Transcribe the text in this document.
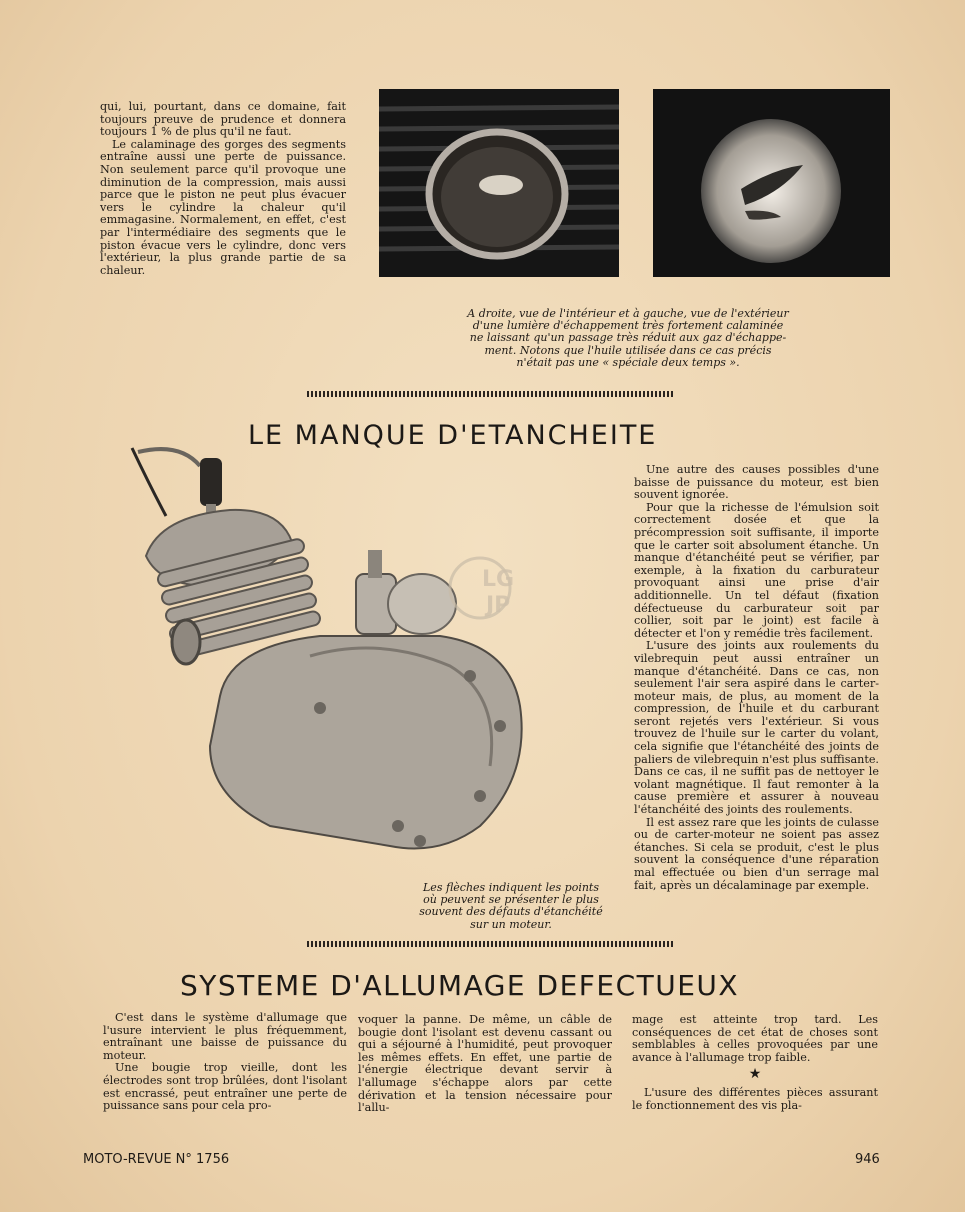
qui, lui, pourtant, dans ce domaine, fait toujours preuve de prudence et donnera toujours 1 % de plus qu'il ne faut.

Le calaminage des gorges des segments entraîne aussi une perte de puissance. Non seulement parce qu'il provoque une diminution de la compression, mais aussi parce que le piston ne peut plus évacuer vers le cylindre la chaleur qu'il emmagasine. Normalement, en effet, c'est par l'intermédiaire des segments que le piston évacue vers le cylindre, donc vers l'extérieur, la plus grande partie de sa chaleur.

A droite, vue de l'intérieur et à gauche, vue de l'extérieur
d'une lumière d'échappement très fortement calaminée
ne laissant qu'un passage très réduit aux gaz d'échappe-
ment. Notons que l'huile utilisée dans ce cas précis
n'était pas une « spéciale deux temps ».
LE MANQUE D'ETANCHEITE
LG
JP
Les flèches indiquent les points
où peuvent se présenter le plus
souvent des défauts d'étanchéité
sur un moteur.

Une autre des causes possibles d'une baisse de puissance du moteur, est bien souvent ignorée.

Pour que la richesse de l'émulsion soit correctement dosée et que la précompression soit suffisante, il importe que le carter soit absolument étanche. Un manque d'étanchéité peut se vérifier, par exemple, à la fixation du carburateur provoquant ainsi une prise d'air additionnelle. Un tel défaut (fixation défectueuse du carburateur soit par collier, soit par le joint) est facile à détecter et l'on y remédie très facilement.

L'usure des joints aux roulements du vilebrequin peut aussi entraîner un manque d'étanchéité. Dans ce cas, non seulement l'air sera aspiré dans le carter-moteur mais, de plus, au moment de la compression, de l'huile et du carburant seront rejetés vers l'extérieur. Si vous trouvez de l'huile sur le carter du volant, cela signifie que l'étanchéité des joints de paliers de vilebrequin n'est plus suffisante. Dans ce cas, il ne suffit pas de nettoyer le volant magnétique. Il faut remonter à la cause première et assurer à nouveau l'étanchéité des joints des roulements.

Il est assez rare que les joints de culasse ou de carter-moteur ne soient pas assez étanches. Si cela se produit, c'est le plus souvent la conséquence d'une réparation mal effectuée ou bien d'un serrage mal fait, après un décalaminage par exemple.

SYSTEME D'ALLUMAGE DEFECTUEUX

C'est dans le système d'allumage que l'usure intervient le plus fréquemment, entraînant une baisse de puissance du moteur.

Une bougie trop vieille, dont les électrodes sont trop brûlées, dont l'isolant est encrassé, peut entraîner une perte de puissance sans pour cela pro-

voquer la panne. De même, un câble de bougie dont l'isolant est devenu cassant ou qui a séjourné à l'humidité, peut provoquer les mêmes effets. En effet, une partie de l'énergie électrique devant servir à l'allumage s'échappe alors par cette dérivation et la tension nécessaire pour l'allu-

mage est atteinte trop tard. Les conséquences de cet état de choses sont semblables à celles provoquées par une avance à l'allumage trop faible.

★

L'usure des différentes pièces assurant le fonctionnement des vis pla-

MOTO-REVUE N° 1756	946
